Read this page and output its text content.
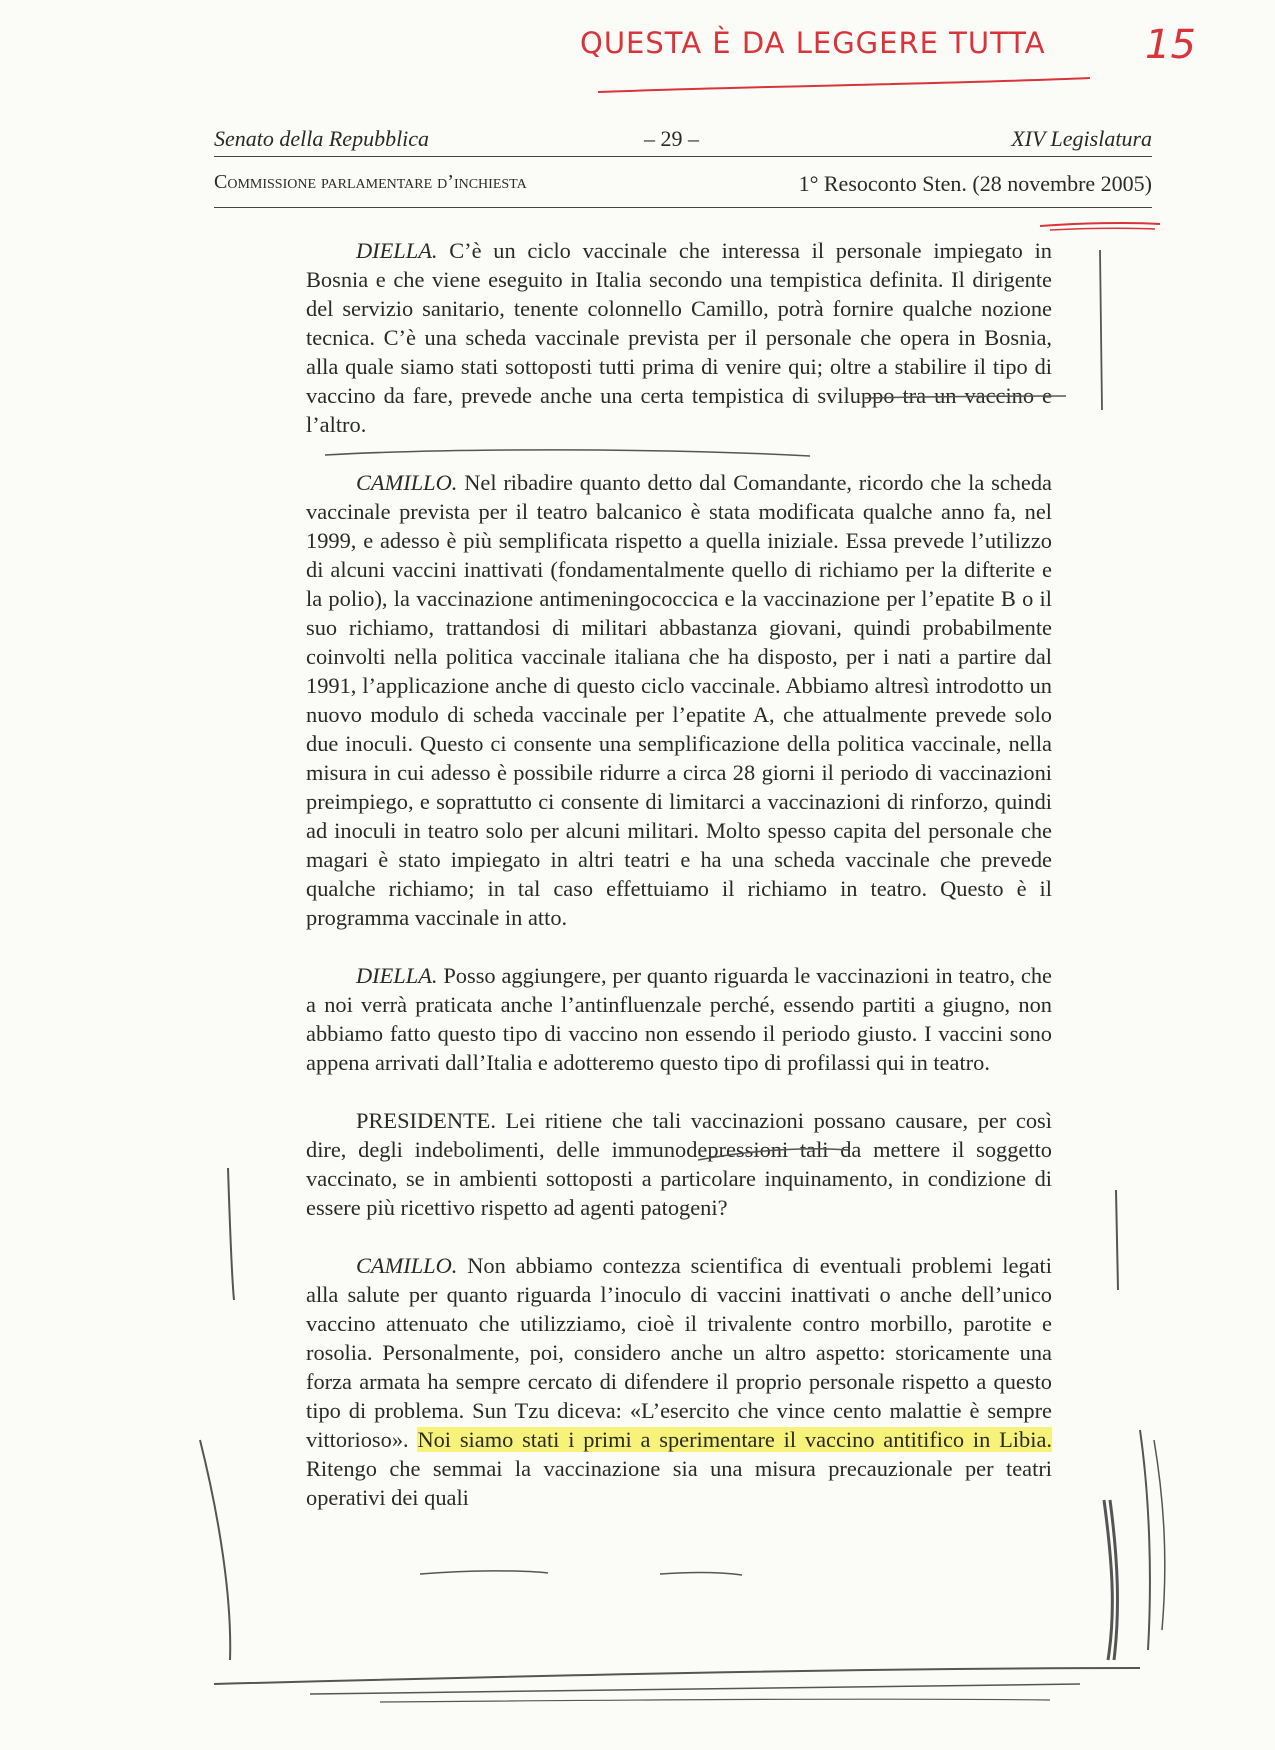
QUESTA È DA LEGGERE TUTTA 15
Senato della Repubblica	– 29 –	XIV Legislatura
Commissione parlamentare d’inchiesta	1° Resoconto Sten. (28 novembre 2005)

DIELLA. C’è un ciclo vaccinale che interessa il personale impiegato in Bosnia e che viene eseguito in Italia secondo una tempistica definita. Il dirigente del servizio sanitario, tenente colonnello Camillo, potrà fornire qualche nozione tecnica. C’è una scheda vaccinale prevista per il personale che opera in Bosnia, alla quale siamo stati sottoposti tutti prima di venire qui; oltre a stabilire il tipo di vaccino da fare, prevede anche una certa tempistica di sviluppo tra un vaccino e l’altro.

CAMILLO. Nel ribadire quanto detto dal Comandante, ricordo che la scheda vaccinale prevista per il teatro balcanico è stata modificata qualche anno fa, nel 1999, e adesso è più semplificata rispetto a quella iniziale. Essa prevede l’utilizzo di alcuni vaccini inattivati (fondamentalmente quello di richiamo per la difterite e la polio), la vaccinazione antimeningococcica e la vaccinazione per l’epatite B o il suo richiamo, trattandosi di militari abbastanza giovani, quindi probabilmente coinvolti nella politica vaccinale italiana che ha disposto, per i nati a partire dal 1991, l’applicazione anche di questo ciclo vaccinale. Abbiamo altresì introdotto un nuovo modulo di scheda vaccinale per l’epatite A, che attualmente prevede solo due inoculi. Questo ci consente una semplificazione della politica vaccinale, nella misura in cui adesso è possibile ridurre a circa 28 giorni il periodo di vaccinazioni preimpiego, e soprattutto ci consente di limitarci a vaccinazioni di rinforzo, quindi ad inoculi in teatro solo per alcuni militari. Molto spesso capita del personale che magari è stato impiegato in altri teatri e ha una scheda vaccinale che prevede qualche richiamo; in tal caso effettuiamo il richiamo in teatro. Questo è il programma vaccinale in atto.

DIELLA. Posso aggiungere, per quanto riguarda le vaccinazioni in teatro, che a noi verrà praticata anche l’antinfluenzale perché, essendo partiti a giugno, non abbiamo fatto questo tipo di vaccino non essendo il periodo giusto. I vaccini sono appena arrivati dall’Italia e adotteremo questo tipo di profilassi qui in teatro.

PRESIDENTE. Lei ritiene che tali vaccinazioni possano causare, per così dire, degli indebolimenti, delle immunodepressioni tali da mettere il soggetto vaccinato, se in ambienti sottoposti a particolare inquinamento, in condizione di essere più ricettivo rispetto ad agenti patogeni?

CAMILLO. Non abbiamo contezza scientifica di eventuali problemi legati alla salute per quanto riguarda l’inoculo di vaccini inattivati o anche dell’unico vaccino attenuato che utilizziamo, cioè il trivalente contro morbillo, parotite e rosolia. Personalmente, poi, considero anche un altro aspetto: storicamente una forza armata ha sempre cercato di difendere il proprio personale rispetto a questo tipo di problema. Sun Tzu diceva: «L’esercito che vince cento malattie è sempre vittorioso». Noi siamo stati i primi a sperimentare il vaccino antitifico in Libia. Ritengo che semmai la vaccinazione sia una misura precauzionale per teatri operativi dei quali
